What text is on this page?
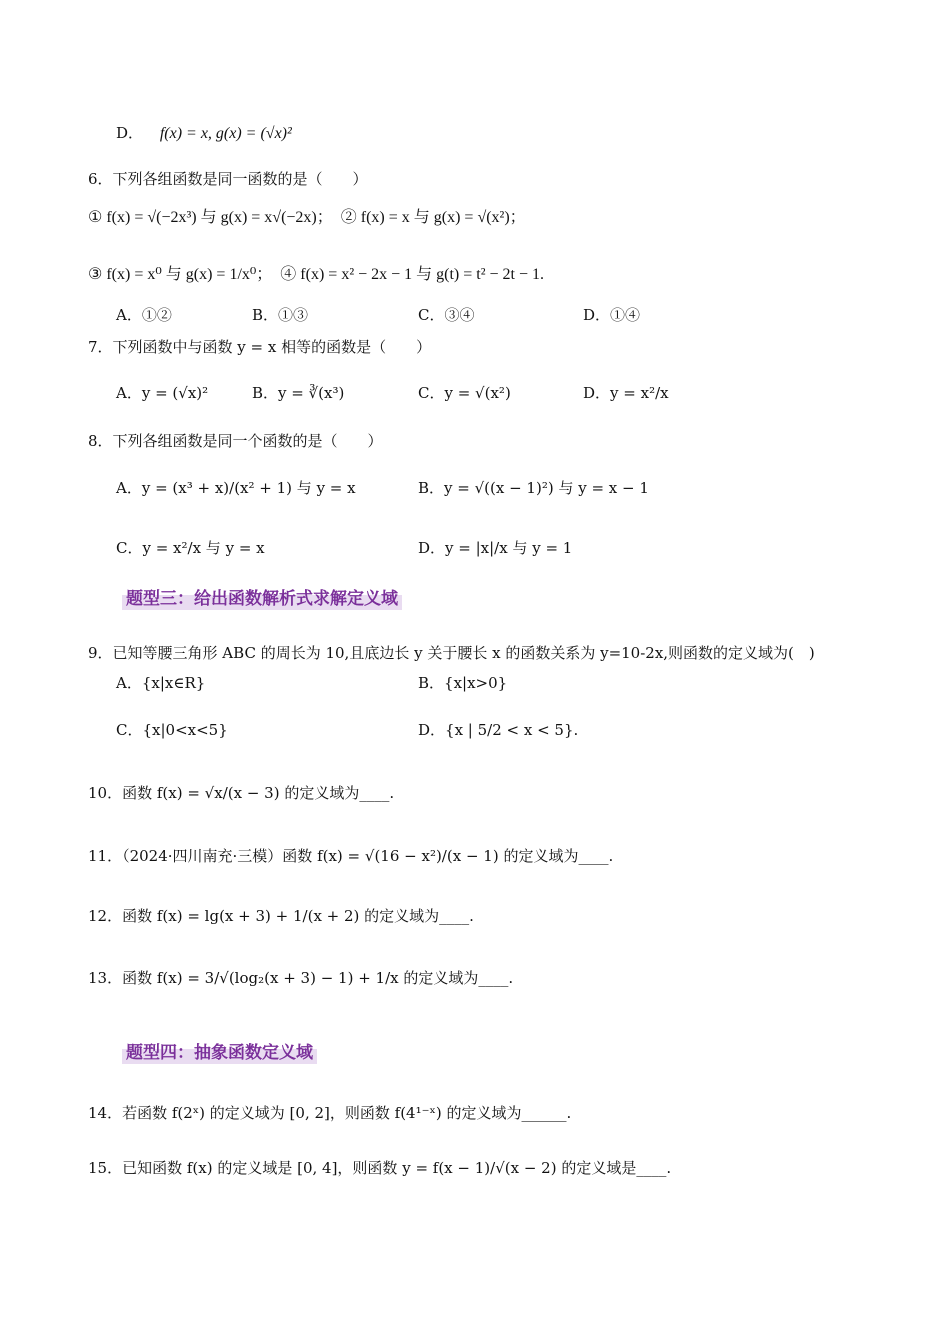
D． f(x) = x, g(x) = (√x)²
6．下列各组函数是同一函数的是（　　）
① f(x) = √(−2x³) 与 g(x) = x√(−2x)；　② f(x) = x 与 g(x) = √(x²)；
③ f(x) = x⁰ 与 g(x) = 1/x⁰；　④ f(x) = x² − 2x − 1 与 g(t) = t² − 2t − 1.
A．①②	B．①③	C．③④	D．①④
7．下列函数中与函数 y = x 相等的函数是（　　）
A．y = (√x)²	B．y = ∛(x³)	C．y = √(x²)	D．y = x²/x
8．下列各组函数是同一个函数的是（　　）
A．y = (x³ + x)/(x² + 1) 与 y = x	B．y = √((x − 1)²) 与 y = x − 1
C．y = x²/x 与 y = x	D．y = |x|/x 与 y = 1
题型三：给出函数解析式求解定义域
9．已知等腰三角形 ABC 的周长为 10,且底边长 y 关于腰长 x 的函数关系为 y=10-2x,则函数的定义域为(　)
A．{x|x∈R}	B．{x|x>0}
C．{x|0<x<5}	D．{x | 5/2 < x < 5}.
10．函数 f(x) = √x/(x − 3) 的定义域为____.
11．（2024·四川南充·三模）函数 f(x) = √(16 − x²)/(x − 1) 的定义域为____.
12．函数 f(x) = lg(x + 3) + 1/(x + 2) 的定义域为____.
13．函数 f(x) = 3/√(log₂(x + 3) − 1) + 1/x 的定义域为____.
题型四：抽象函数定义域
14．若函数 f(2ˣ) 的定义域为 [0, 2]，则函数 f(4¹⁻ˣ) 的定义域为______.
15．已知函数 f(x) 的定义域是 [0, 4]，则函数 y = f(x − 1)/√(x − 2) 的定义域是____.
